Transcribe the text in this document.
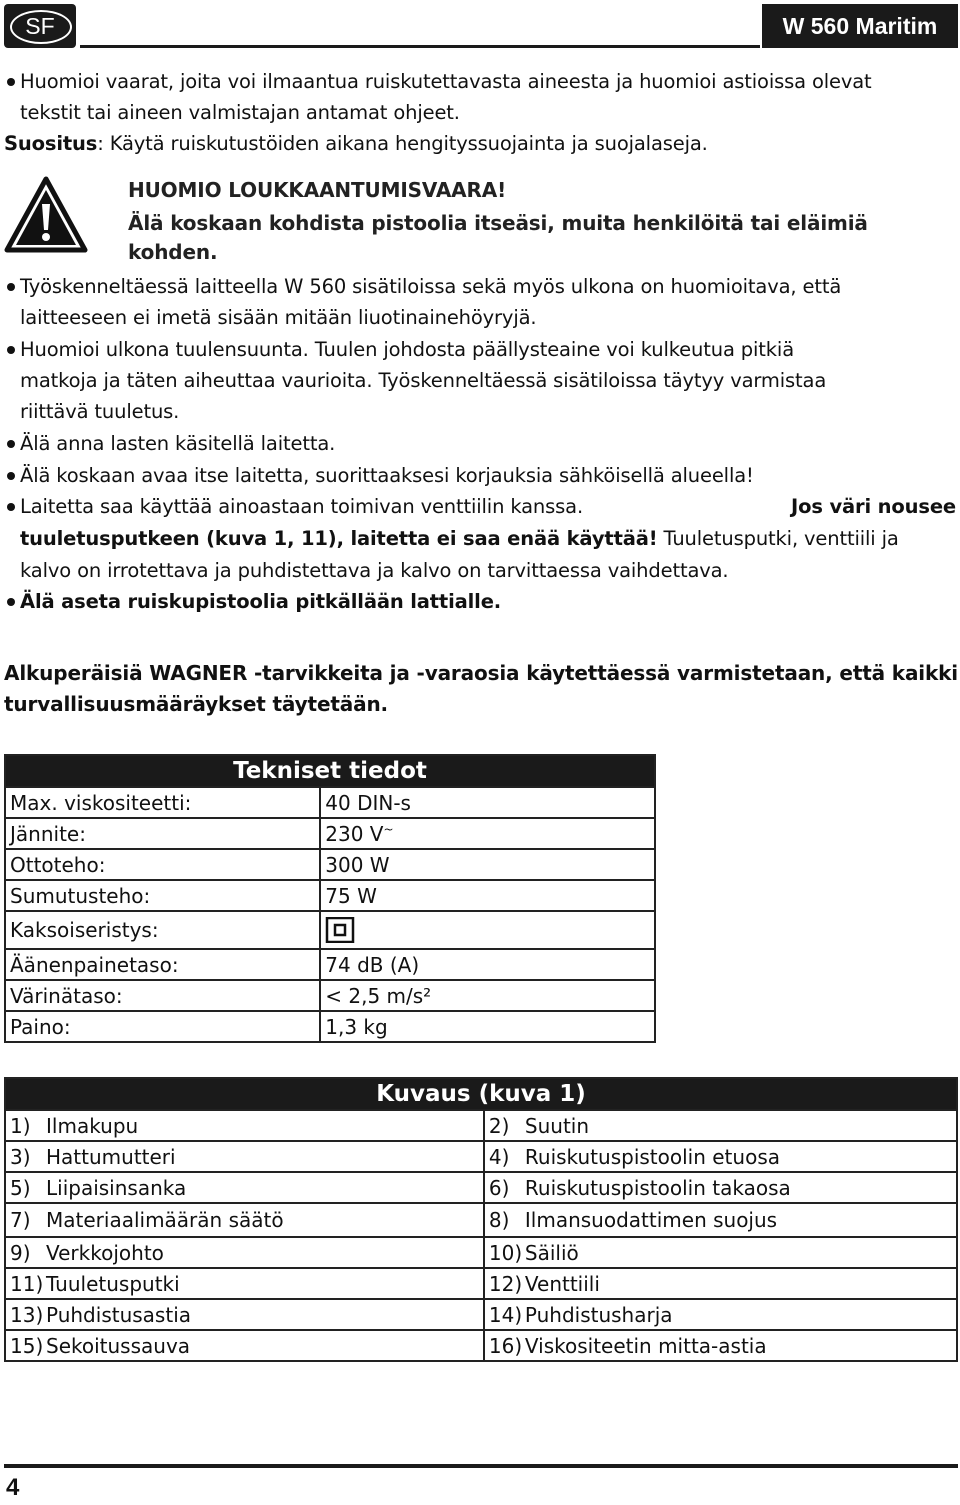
SF	W 560 Maritim
Huomioi vaarat, joita voi ilmaantua ruiskutettavasta aineesta ja huomioi astioissa olevat
tekstit tai aineen valmistajan antamat ohjeet.
Suositus: Käytä ruiskutustöiden aikana hengityssuojainta ja suojalaseja.
HUOMIO LOUKKAANTUMISVAARA!
Älä koskaan kohdista pistoolia itseäsi, muita henkilöitä tai eläimiä
kohden.
Työskenneltäessä laitteella W 560 sisätiloissa sekä myös ulkona on huomioitava, että
laitteeseen ei imetä sisään mitään liuotinainehöyryjä.
Huomioi ulkona tuulensuunta. Tuulen johdosta päällysteaine voi kulkeutua pitkiä
matkoja ja täten aiheuttaa vaurioita. Työskenneltäessä sisätiloissa täytyy varmistaa
riittävä tuuletus.
Älä anna lasten käsitellä laitetta.
Älä koskaan avaa itse laitetta, suorittaaksesi korjauksia sähköisellä alueella!
Laitetta saa käyttää ainoastaan toimivan venttiilin kanssa.	Jos väri nousee
tuuletusputkeen (kuva 1, 11), laitetta ei saa enää käyttää! Tuuletusputki, venttiili ja
kalvo on irrotettava ja puhdistettava ja kalvo on tarvittaessa vaihdettava.
Älä aseta ruiskupistoolia pitkällään lattialle.
Alkuperäisiä WAGNER -tarvikkeita ja -varaosia käytettäessä varmistetaan, että kaikki
turvallisuusmääräykset täytetään.
Tekniset tiedot	
Max. viskositeetti:	40 DIN-s
Jännite:	230 V~
Ottoteho:	300 W
Sumutusteho:	75 W
Kaksoiseristys:	
Äänenpainetaso:	74 dB (A)
Värinätaso:	< 2,5 m/s²
Paino:	1,3 kg
Kuvaus (kuva 1)	
1) Ilmakupu	2) Suutin
3) Hattumutteri	4) Ruiskutuspistoolin etuosa
5) Liipaisinsanka	6) Ruiskutuspistoolin takaosa
7) Materiaalimäärän säätö	8) Ilmansuodattimen suojus
9) Verkkojohto	10) Säiliö
11) Tuuletusputki	12) Venttiili
13) Puhdistusastia	14) Puhdistusharja
15) Sekoitussauva	16) Viskositeetin mitta-astia
4
